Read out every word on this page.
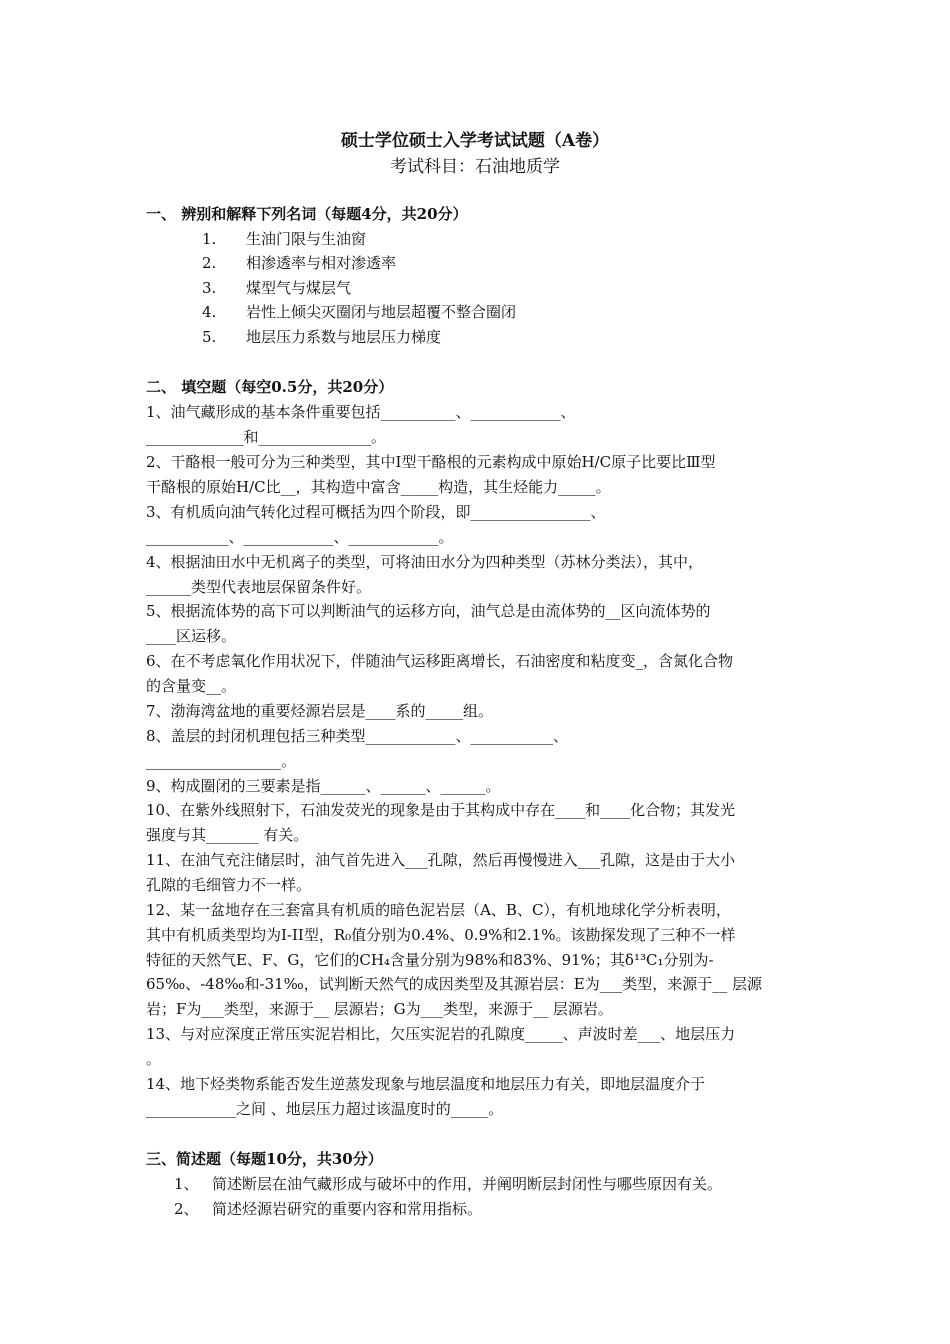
硕士学位硕士入学考试试题（A卷）
考试科目：石油地质学
一、 辨别和解释下列名词（每题4分，共20分）
1. 生油门限与生油窗
2. 相渗透率与相对渗透率
3. 煤型气与煤层气
4. 岩性上倾尖灭圈闭与地层超覆不整合圈闭
5. 地层压力系数与地层压力梯度
二、 填空题（每空0.5分，共20分）
1、油气藏形成的基本条件重要包括__________、____________、
_____________和_______________。
2、干酪根一般可分为三种类型，其中Ⅰ型干酪根的元素构成中原始H/C原子比要比Ⅲ型
干酪根的原始H/C比__，其构造中富含_____构造，其生烃能力_____。
3、有机质向油气转化过程可概括为四个阶段，即________________、
___________、____________、____________。
4、根据油田水中无机离子的类型，可将油田水分为四种类型（苏林分类法），其中，
______类型代表地层保留条件好。
5、根据流体势的高下可以判断油气的运移方向，油气总是由流体势的__区向流体势的
____区运移。
6、在不考虑氧化作用状况下，伴随油气运移距离增长，石油密度和粘度变_，含氮化合物
的含量变__。
7、渤海湾盆地的重要烃源岩层是____系的_____组。
8、盖层的封闭机理包括三种类型____________、___________、
__________________。
9、构成圈闭的三要素是指______、______、______。
10、在紫外线照射下，石油发荧光的现象是由于其构成中存在____和____化合物；其发光
强度与其_______ 有关。
11、在油气充注储层时，油气首先进入___孔隙，然后再慢慢进入___孔隙，这是由于大小
孔隙的毛细管力不一样。
12、某一盆地存在三套富具有机质的暗色泥岩层（A、B、C），有机地球化学分析表明，
其中有机质类型均为I-II型，R₀值分别为0.4%、0.9%和2.1%。该勘探发现了三种不一样
特征的天然气E、F、G，它们的CH₄含量分别为98%和83%、91%；其δ¹³C₁分别为-
65‰、-48‰和-31‰，试判断天然气的成因类型及其源岩层：E为___类型，来源于__ 层源
岩；F为___类型，来源于__ 层源岩；G为___类型，来源于__ 层源岩。
13、与对应深度正常压实泥岩相比，欠压实泥岩的孔隙度_____、声波时差___、地层压力
。
14、地下烃类物系能否发生逆蒸发现象与地层温度和地层压力有关，即地层温度介于
____________之间 、地层压力超过该温度时的_____。
三、简述题（每题10分，共30分）
1、 简述断层在油气藏形成与破坏中的作用，并阐明断层封闭性与哪些原因有关。
2、 简述烃源岩研究的重要内容和常用指标。
